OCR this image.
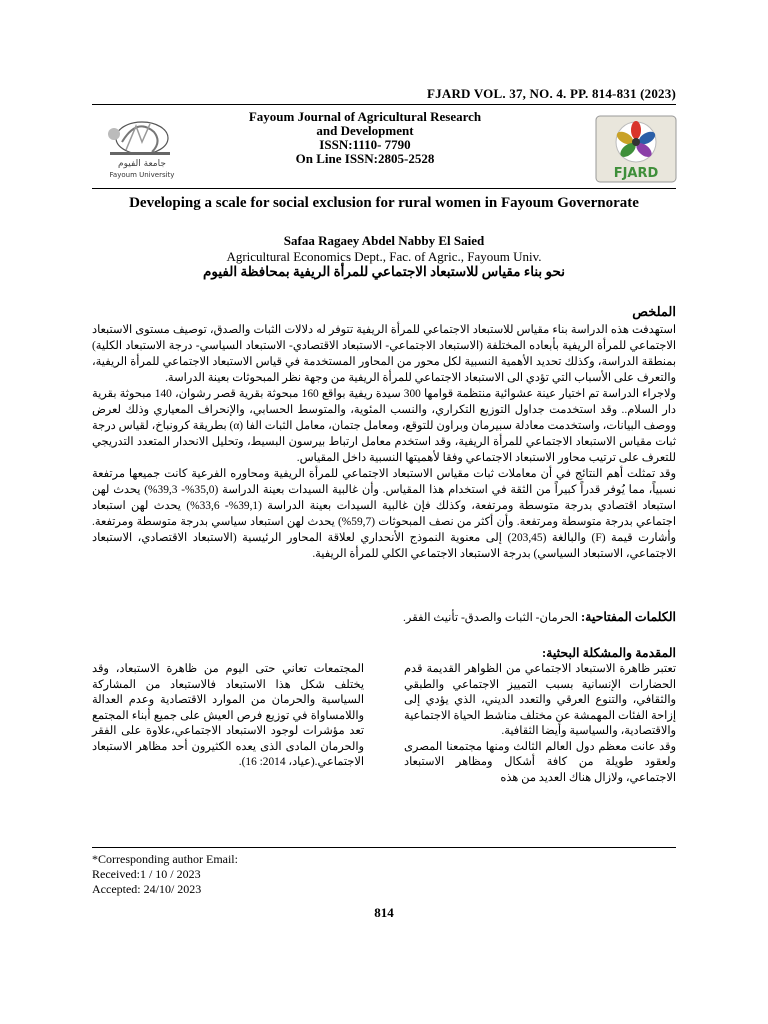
FJARD VOL. 37, NO. 4. PP. 814-831 (2023)
جامعة الفيوم
Fayoum University
Fayoum Journal of Agricultural Research
and Development
ISSN:1110- 7790
On Line ISSN:2805-2528
FJARD
Developing a scale for social exclusion for rural women in Fayoum Governorate
Safaa Ragaey Abdel Nabby El Saied
Agricultural Economics Dept., Fac. of Agric., Fayoum Univ.
نحو بناء مقياس للاستبعاد الاجتماعي للمرأة الريفية بمحافظة الفيوم
الملخص

استهدفت هذه الدراسة بناء مقياس للاستبعاد الاجتماعي للمرأة الريفية تتوفر له دلالات الثبات والصدق، توصيف مستوى الاستبعاد الاجتماعي للمرأة الريفية بأبعاده المختلفة (الاستبعاد الاجتماعي- الاستبعاد الاقتصادي- الاستبعاد السياسي- درجة الاستبعاد الكلية) بمنطقة الدراسة، وكذلك تحديد الأهمية النسبية لكل محور من المحاور المستخدمة في قياس الاستبعاد الاجتماعي للمرأة الريفية، والتعرف على الأسباب التي تؤدي الى الاستبعاد الاجتماعي للمرأة الريفية من وجهة نظر المبحوثات بعينة الدراسة.

ولاجراء الدراسة تم اختيار عينة عشوائية منتظمة قوامها 300 سيدة ريفية بواقع 160 مبحوثة بقرية قصر رشوان، 140 مبحوثة بقرية دار السلام.. وقد استخدمت جداول التوزيع التكراري، والنسب المئوية، والمتوسط الحسابي، والإنحراف المعياري وذلك لعرض ووصف البيانات، واستخدمت معادلة سبيرمان وبراون للتوقع، ومعامل جتمان، معامل الثبات الفا (α) بطريقة كرونباخ، لقياس درجة ثبات مقياس الاستبعاد الاجتماعي للمرأة الريفية، وقد استخدم معامل ارتباط بيرسون البسيط، وتحليل الانحدار المتعدد التدريجي للتعرف على ترتيب محاور الاستبعاد الاجتماعي وفقا لأهميتها النسبية داخل المقياس.

وقد تمثلت أهم النتائج في أن معاملات ثبات مقياس الاستبعاد الاجتماعي للمرأة الريفية ومحاوره الفرعية كانت جميعها مرتفعة نسبياً، مما يُوفر قدراً كبيراً من الثقة في استخدام هذا المقياس. وأن غالبية السيدات بعينة الدراسة (35,0%- 39,3%) يحدث لهن استبعاد اقتصادي بدرجة متوسطة ومرتفعة، وكذلك فإن غالبية السيدات بعينة الدراسة (39,1%- 33,6%) يحدث لهن استبعاد اجتماعي بدرجة متوسطة ومرتفعة. وأن أكثر من نصف المبحوثات (59,7%) يحدث لهن استبعاد سياسي بدرجة متوسطة ومرتفعة. وأشارت قيمة (F) والبالغة (203,45) إلى معنوية النموذج الأنحداري لعلاقة المحاور الرئيسية (الاستبعاد الاقتصادي، الاستبعاد الاجتماعي، الاستبعاد السياسي) بدرجة الاستبعاد الاجتماعي الكلي للمرأة الريفية.

الكلمات المفتاحية: الحرمان- الثبات والصدق- تأنيث الفقر.
المقدمة والمشكلة البحثية:

تعتبر ظاهرة الاستبعاد الاجتماعي من الظواهر القديمة قدم الحضارات الإنسانية بسبب التمييز الاجتماعي والطبقي والثقافي، والتنوع العرقي والتعدد الديني، الذي يؤدي إلى إزاحة الفئات المهمشة عن مختلف مناشط الحياة الاجتماعية والاقتصادية، والسياسية وأيضا الثقافية.

وقد عانت معظم دول العالم الثالث ومنها مجتمعنا المصرى ولعقود طويلة من كافة أشكال ومظاهر الاستبعاد الاجتماعي، ولازال هناك العديد من هذه

المجتمعات تعاني حتى اليوم من ظاهرة الاستبعاد، وقد يختلف شكل هذا الاستبعاد فالاستبعاد من المشاركة السياسية والحرمان من الموارد الاقتصادية وعدم العدالة واللامساواة في توزيع فرص العيش على جميع أبناء المجتمع تعد مؤشرات لوجود الاستبعاد الاجتماعي،علاوة على الفقر والحرمان المادى الذى يعده الكثيرون أحد مظاهر الاستبعاد الاجتماعي.(عياد، 2014: 16).

*Corresponding author Email:
Received:1 / 10 / 2023
Accepted: 24/10/ 2023
814
